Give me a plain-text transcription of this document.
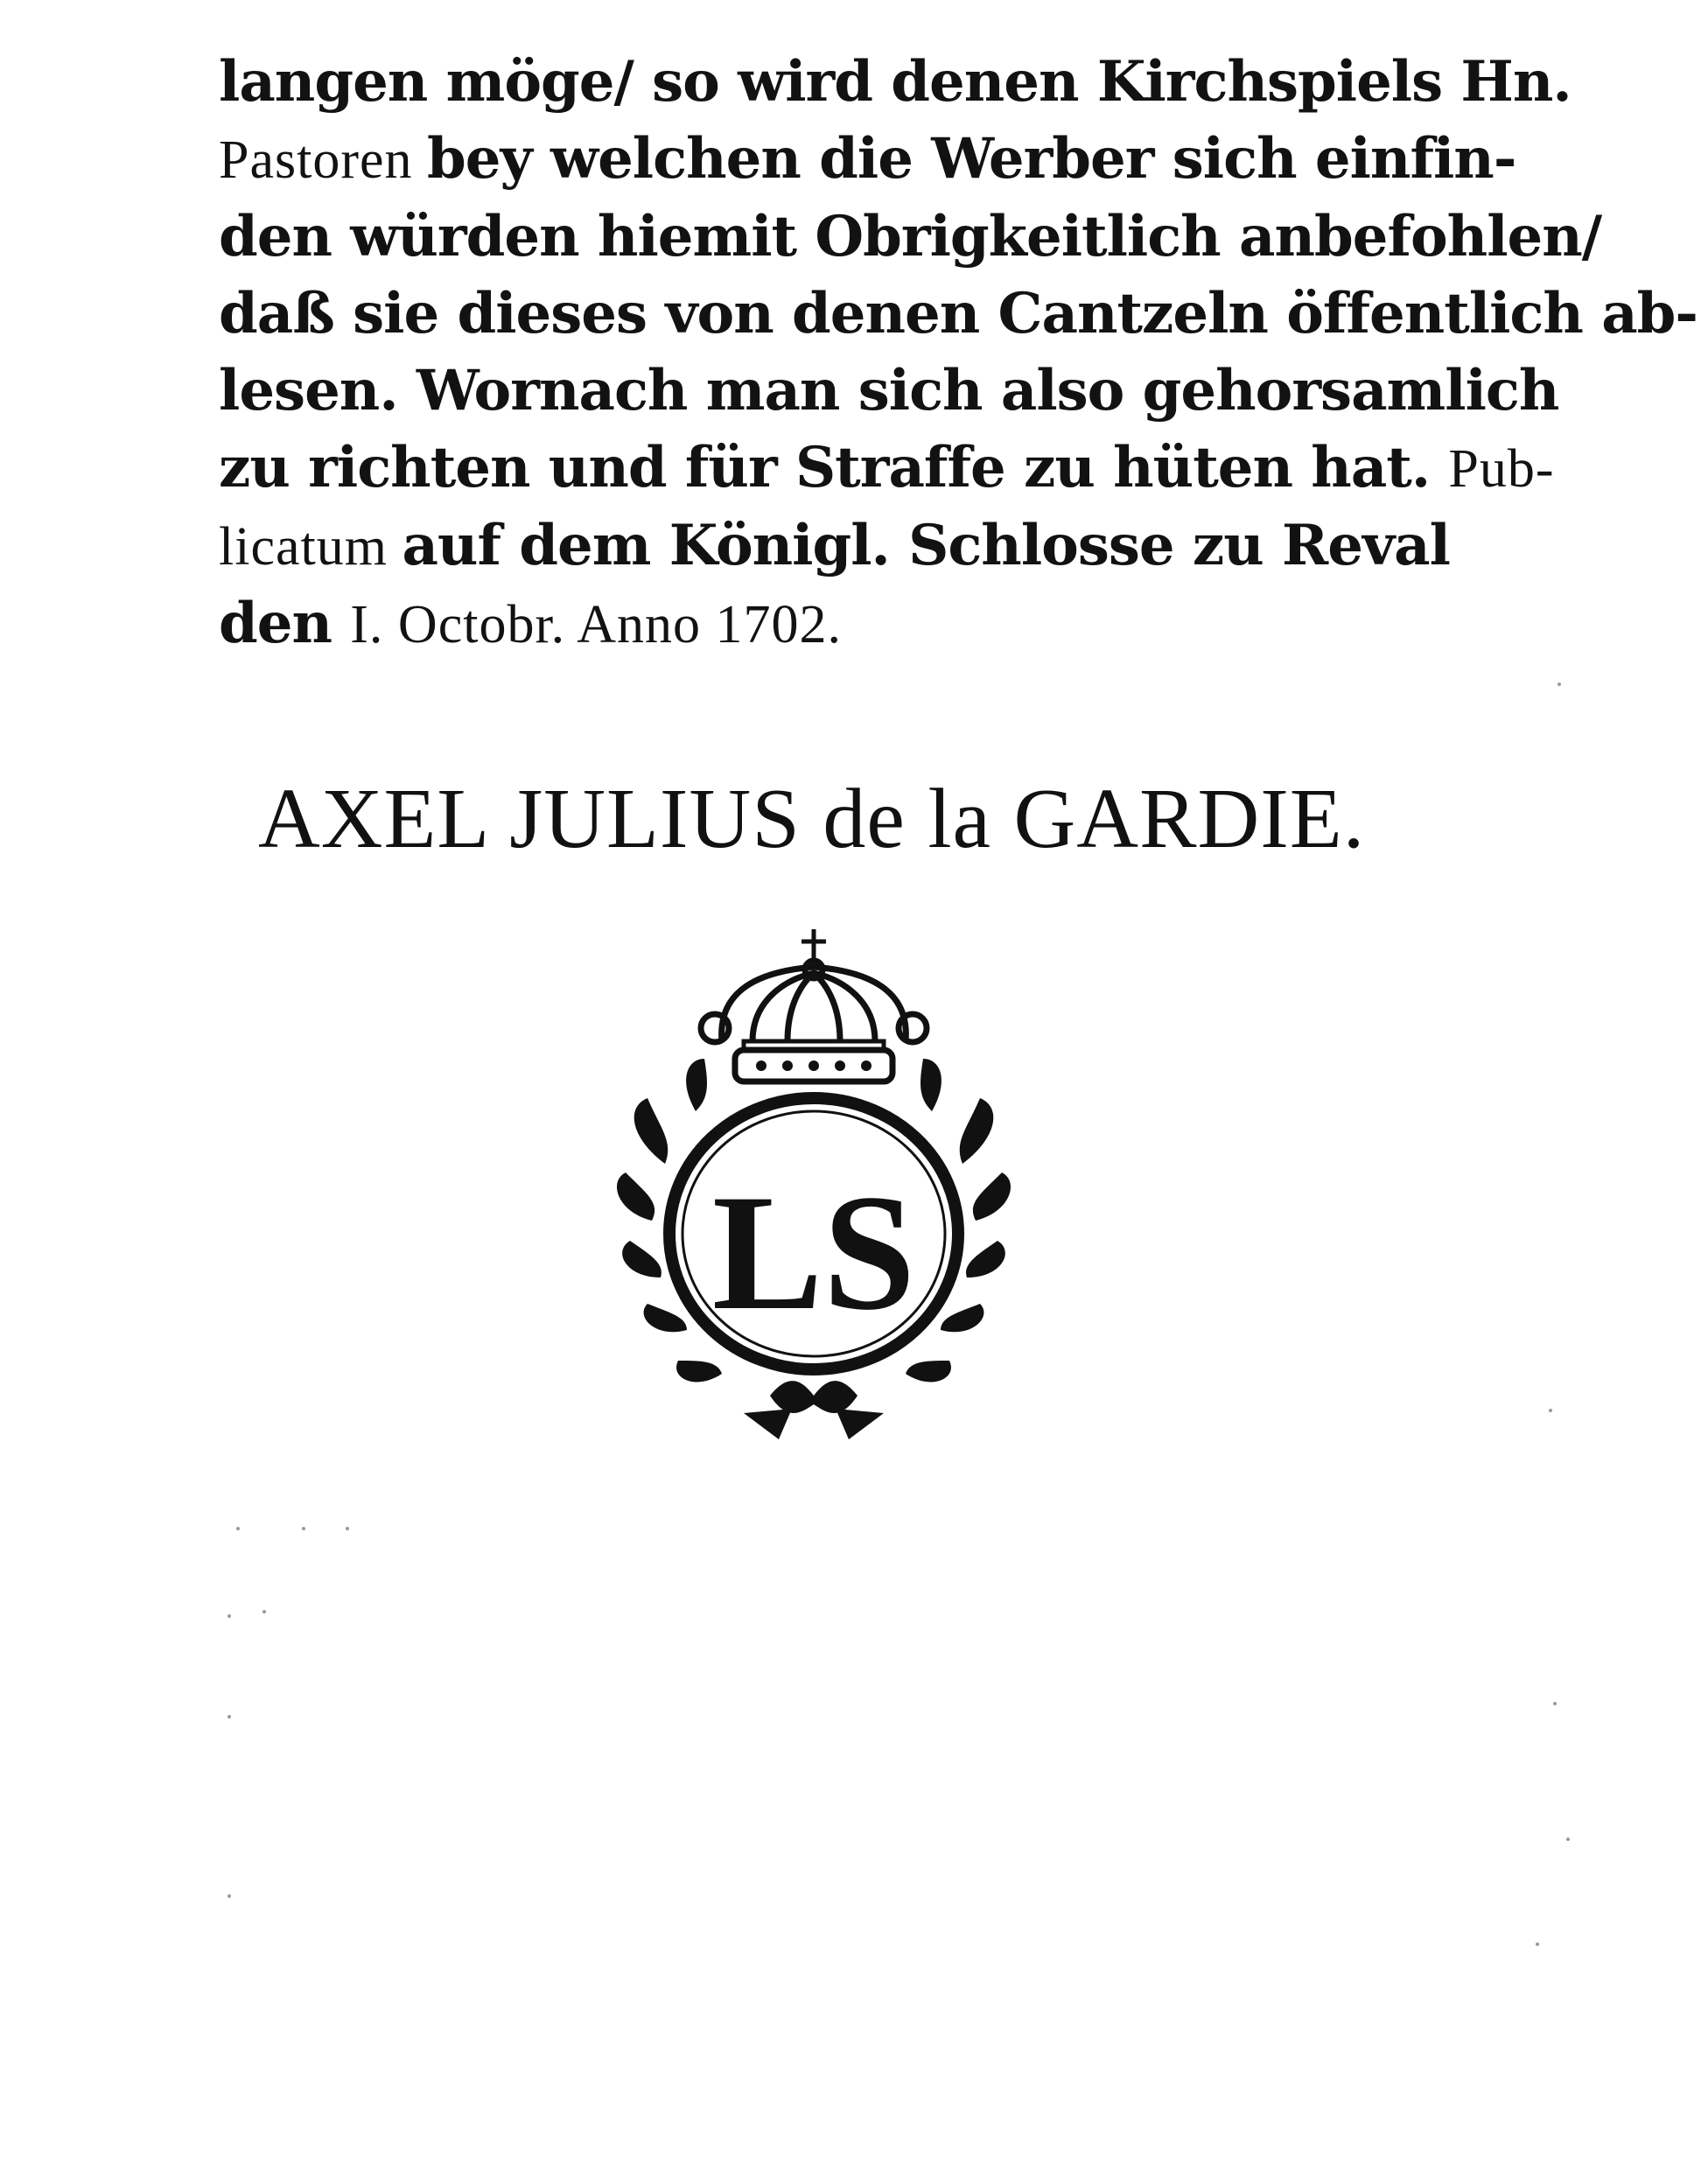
langen möge/ so wird denen Kirchspiels Hn.
Pastoren bey welchen die Werber sich einfin-
den würden hiemit Obrigkeitlich anbefohlen/
daß sie dieses von denen Cantzeln öffentlich ab-
lesen. Wornach man sich also gehorsamlich
zu richten und für Straffe zu hüten hat. Pub-
licatum auf dem Königl. Schlosse zu Reval
den I. Octobr. Anno 1702.
AXEL JULIUS de la GARDIE.
LS
